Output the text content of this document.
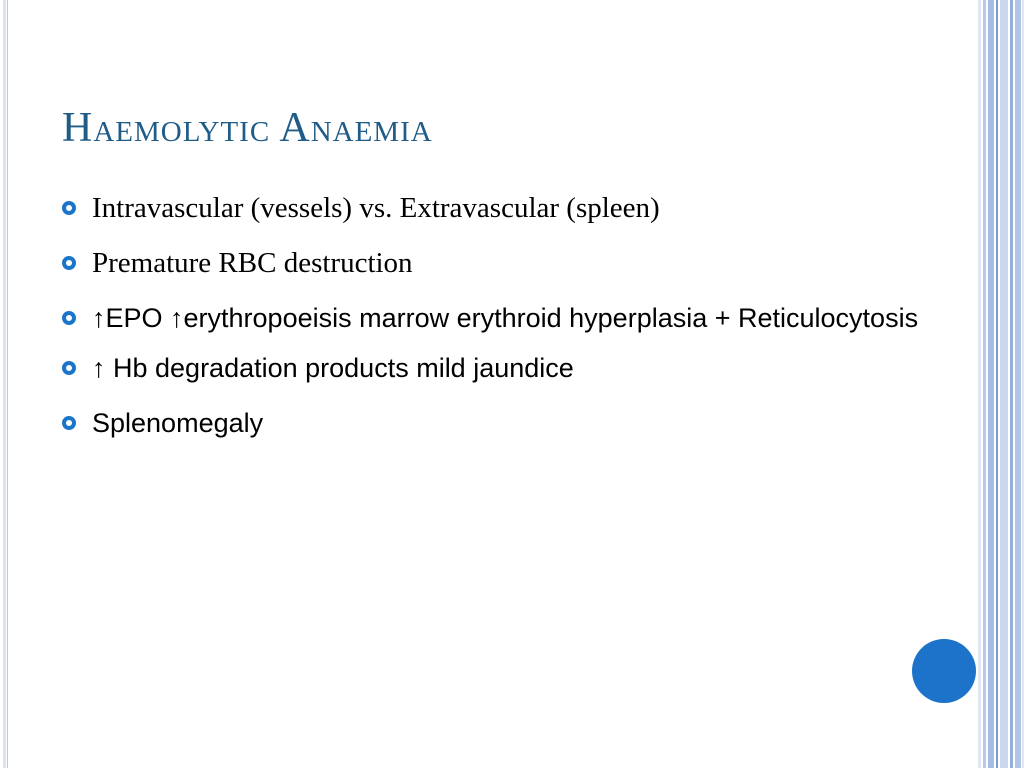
Haemolytic Anaemia
Intravascular (vessels) vs. Extravascular (spleen)
Premature RBC destruction
↑EPO ↑erythropoeisis marrow erythroid hyperplasia + Reticulocytosis
↑ Hb degradation products mild jaundice
Splenomegaly
